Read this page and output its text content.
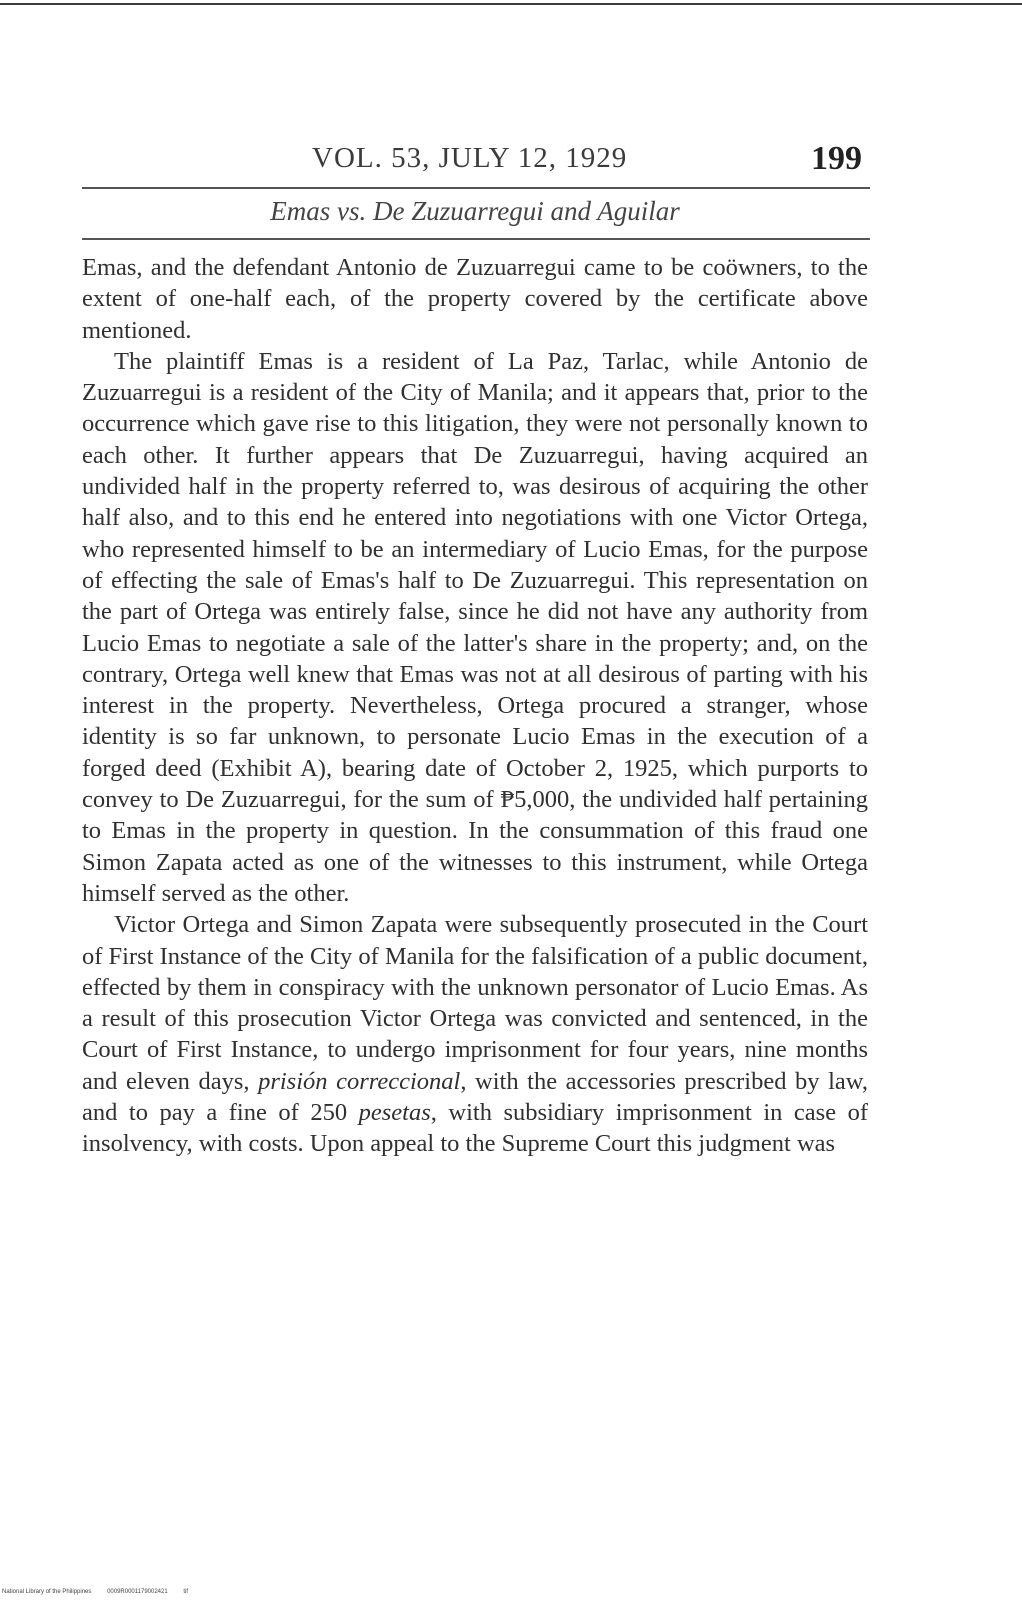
VOL. 53, JULY 12, 1929	199
Emas vs. De Zuzuarregui and Aguilar

Emas, and the defendant Antonio de Zuzuarregui came to be coöwners, to the extent of one-half each, of the property covered by the certificate above mentioned.

The plaintiff Emas is a resident of La Paz, Tarlac, while Antonio de Zuzuarregui is a resident of the City of Manila; and it appears that, prior to the occurrence which gave rise to this litigation, they were not personally known to each other. It further appears that De Zuzuarregui, having acquired an undivided half in the property referred to, was desirous of acquiring the other half also, and to this end he entered into negotiations with one Victor Ortega, who represented himself to be an intermediary of Lucio Emas, for the purpose of effecting the sale of Emas's half to De Zuzuarregui. This representation on the part of Ortega was entirely false, since he did not have any authority from Lucio Emas to negotiate a sale of the latter's share in the property; and, on the contrary, Ortega well knew that Emas was not at all desirous of parting with his interest in the property. Nevertheless, Ortega procured a stranger, whose identity is so far unknown, to personate Lucio Emas in the execution of a forged deed (Exhibit A), bearing date of October 2, 1925, which purports to convey to De Zuzuarregui, for the sum of ₱5,000, the undivided half pertaining to Emas in the property in question. In the consummation of this fraud one Simon Zapata acted as one of the witnesses to this instrument, while Ortega himself served as the other.

Victor Ortega and Simon Zapata were subsequently prosecuted in the Court of First Instance of the City of Manila for the falsification of a public document, effected by them in conspiracy with the unknown personator of Lucio Emas. As a result of this prosecution Victor Ortega was convicted and sentenced, in the Court of First Instance, to undergo imprisonment for four years, nine months and eleven days, prisión correccional, with the accessories prescribed by law, and to pay a fine of 250 pesetas, with subsidiary imprisonment in case of insolvency, with costs. Upon appeal to the Supreme Court this judgment was

National Library of the Philippines	0009R0001179002421	tif
